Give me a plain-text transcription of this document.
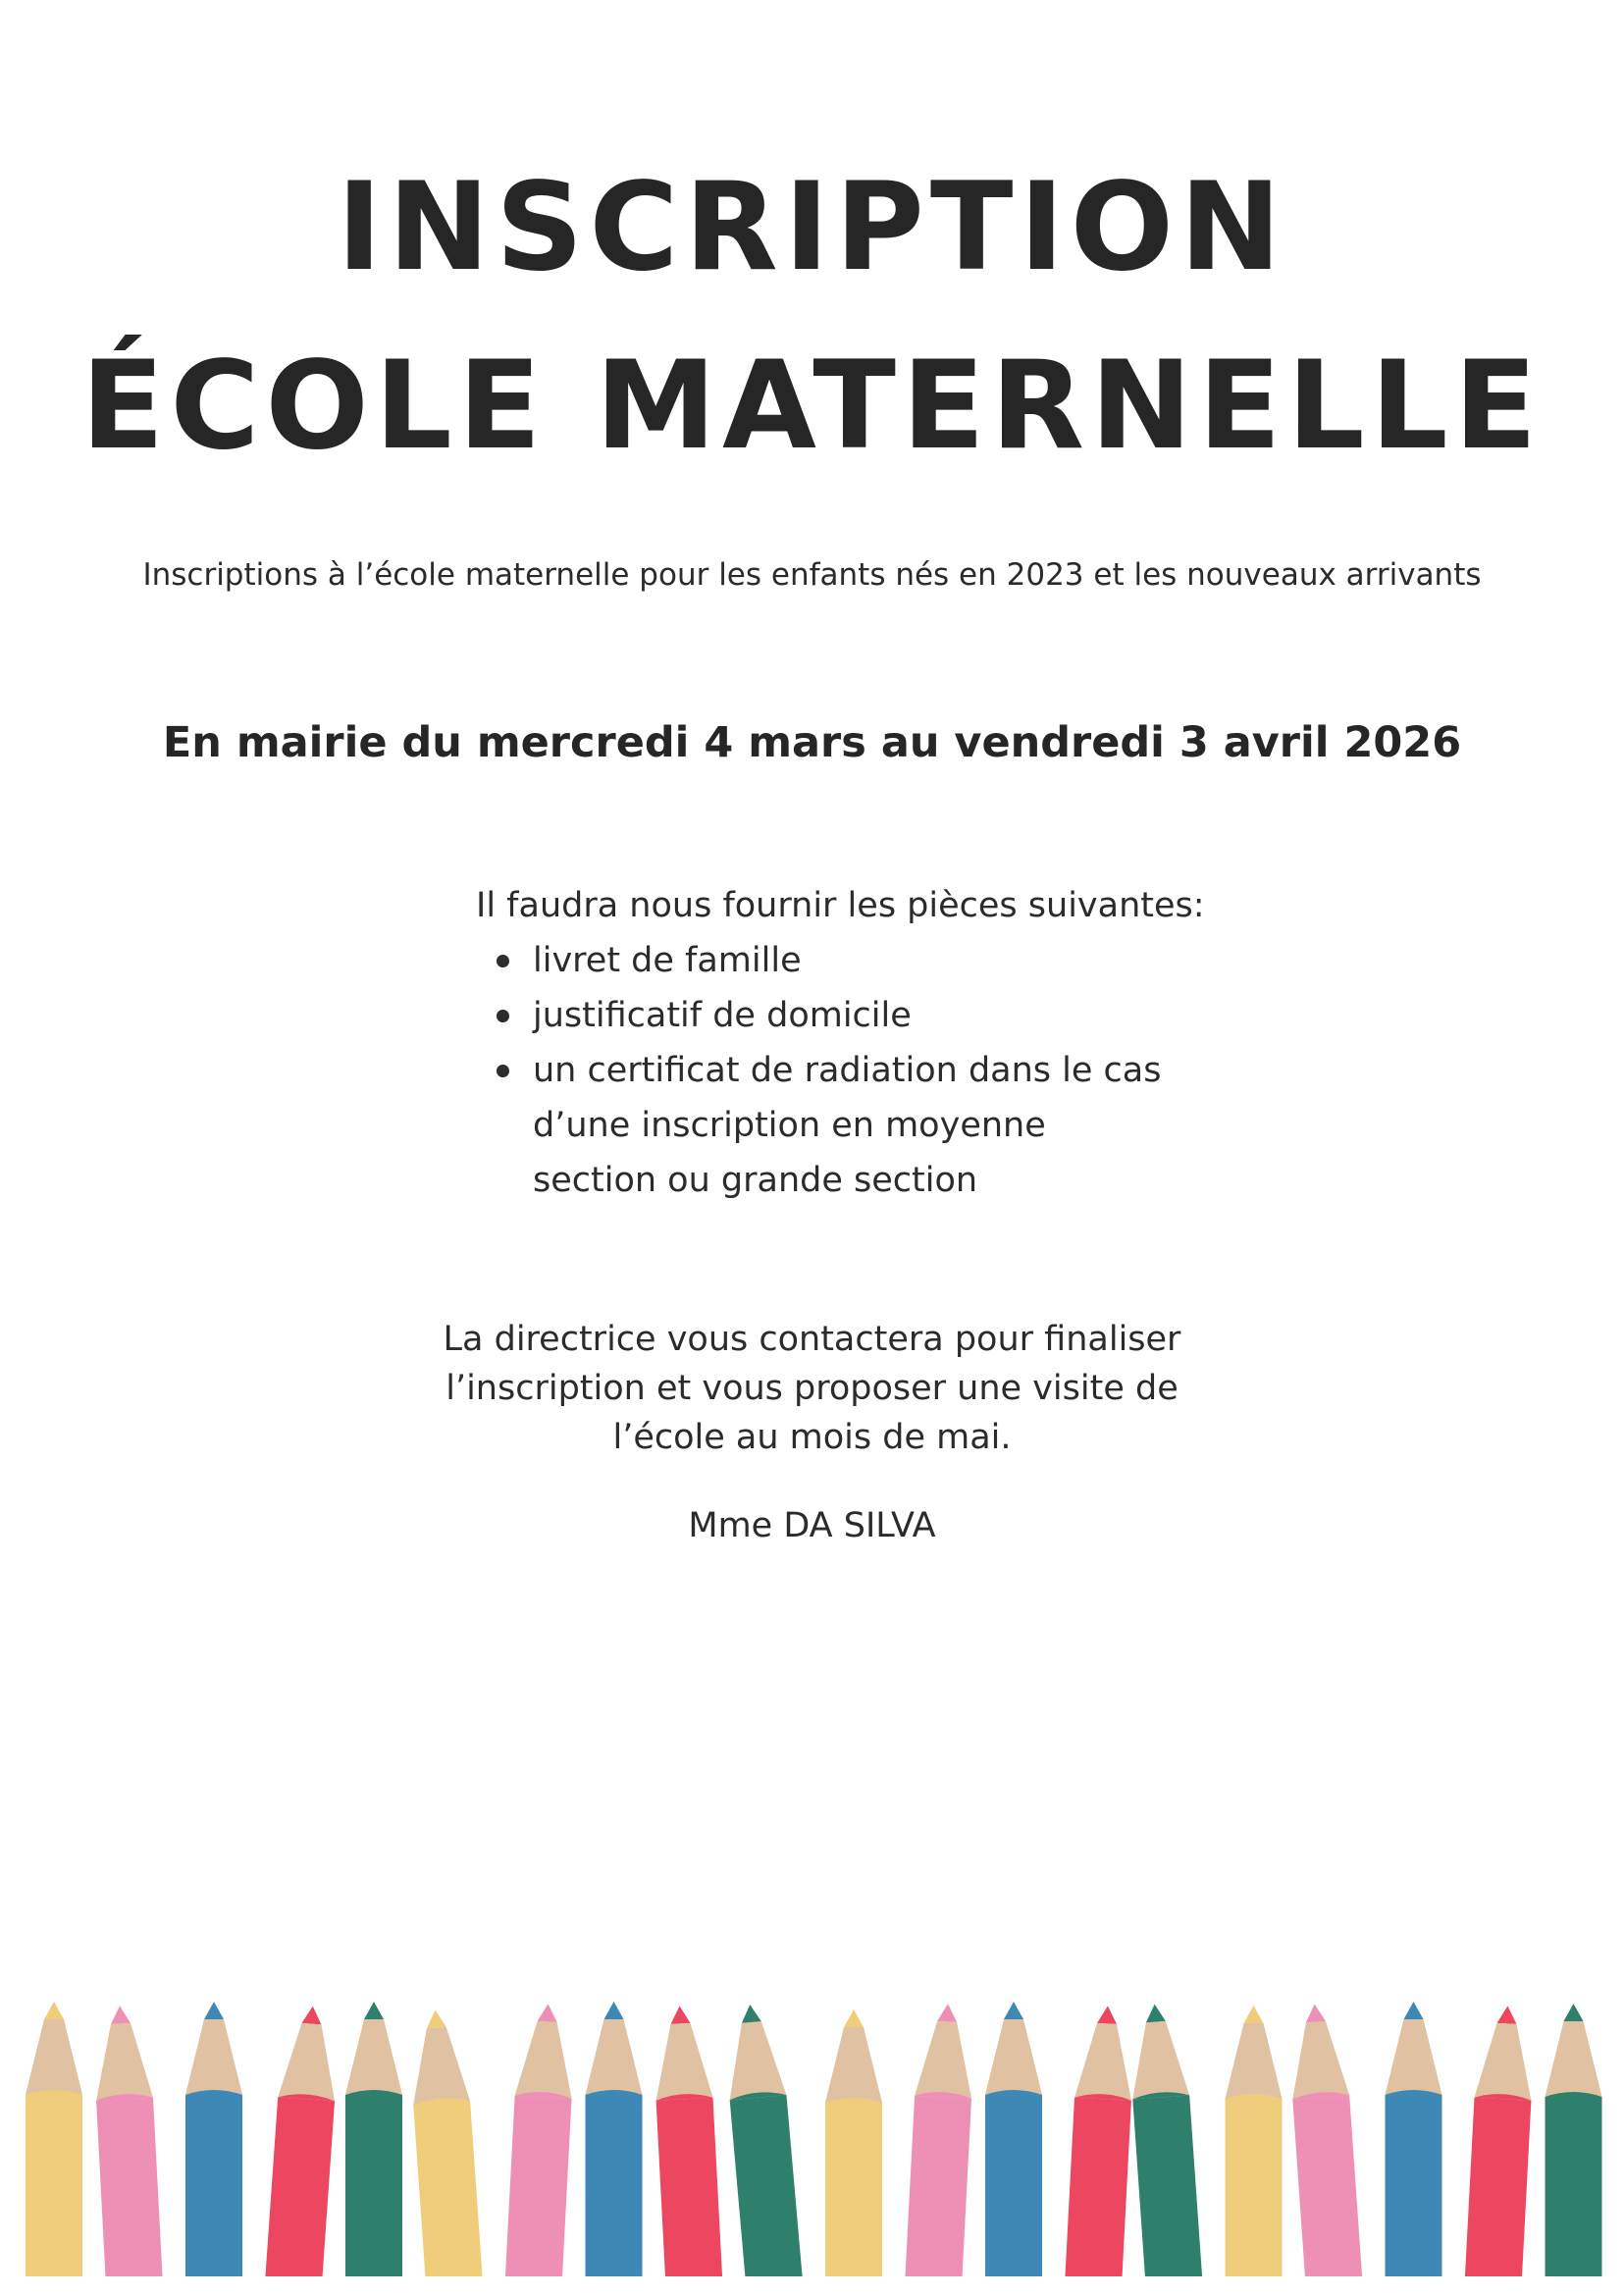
INSCRIPTION
ÉCOLE MATERNELLE
Inscriptions à l’école maternelle pour les enfants nés en 2023 et les nouveaux arrivants
En mairie du mercredi 4 mars au vendredi 3 avril 2026
Il faudra nous fournir les pièces suivantes:
livret de famille
justificatif de domicile
un certificat de radiation dans le cas d’une inscription en moyenne section ou grande section
La directrice vous contactera pour finaliser
l’inscription et vous proposer une visite de
l’école au mois de mai.
Mme DA SILVA
